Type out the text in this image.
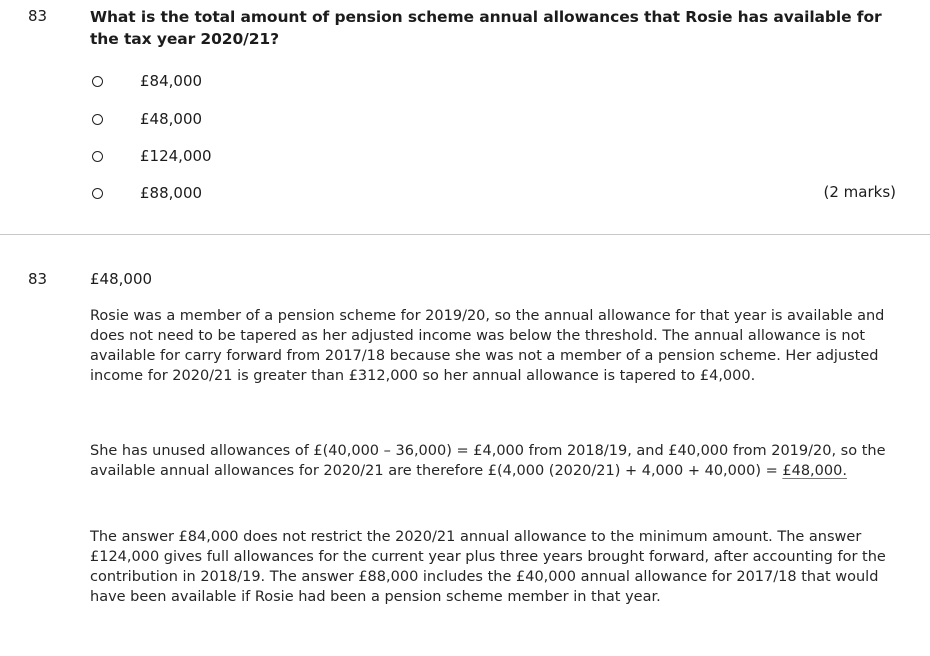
83	What is the total amount of pension scheme annual allowances that Rosie has available for the tax year 2020/21?
£84,000
£48,000
£124,000
£88,000	(2 marks)
83	£48,000

Rosie was a member of a pension scheme for 2019/20, so the annual allowance for that year is available and does not need to be tapered as her adjusted income was below the threshold. The annual allowance is not available for carry forward from 2017/18 because she was not a member of a pension scheme. Her adjusted income for 2020/21 is greater than £312,000 so her annual allowance is tapered to £4,000.

She has unused allowances of £(40,000 – 36,000) = £4,000 from 2018/19, and £40,000 from 2019/20, so the available annual allowances for 2020/21 are therefore £(4,000 (2020/21) + 4,000 + 40,000) = £48,000.

The answer £84,000 does not restrict the 2020/21 annual allowance to the minimum amount. The answer £124,000 gives full allowances for the current year plus three years brought forward, after accounting for the contribution in 2018/19. The answer £88,000 includes the £40,000 annual allowance for 2017/18 that would have been available if Rosie had been a pension scheme member in that year.
